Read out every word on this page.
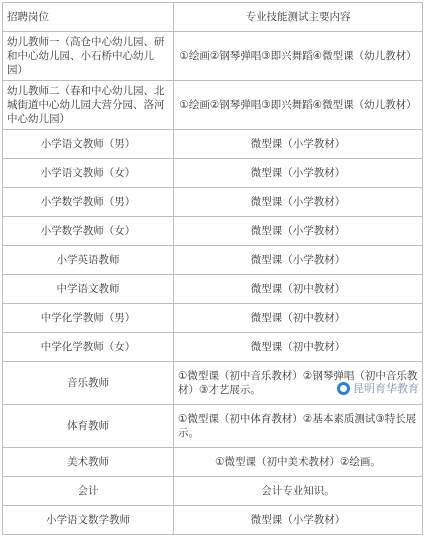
招聘岗位	专业技能测试主要内容
幼儿教师一（高仓中心幼儿园、研和中心幼儿园、小石桥中心幼儿园）	①绘画②钢琴弹唱③即兴舞蹈④微型课（幼儿教材）
幼儿教师二（春和中心幼儿园、北城街道中心幼儿园大营分园、洛河中心幼儿园）	①绘画②钢琴弹唱③即兴舞蹈④微型课（幼儿教材）
小学语文教师（男）	微型课（小学教材）
小学语文教师（女）	微型课（小学教材）
小学数学教师（男）	微型课（小学教材）
小学数学教师（女）	微型课（小学教材）
小学英语教师	微型课（小学教材）
中学语文教师	微型课（初中教材）
中学化学教师（男）	微型课（初中教材）
中学化学教师（女）	微型课（初中教材）
音乐教师	①微型课（初中音乐教材）②钢琴弹唱（初中音乐教材）③才艺展示。
体育教师	①微型课（初中体育教材）②基本素质测试③特长展示。
美术教师	①微型课（初中美术教材）②绘画。
会计	会计专业知识。
小学语文数学教师	微型课（小学教材）
昆明育华教育
